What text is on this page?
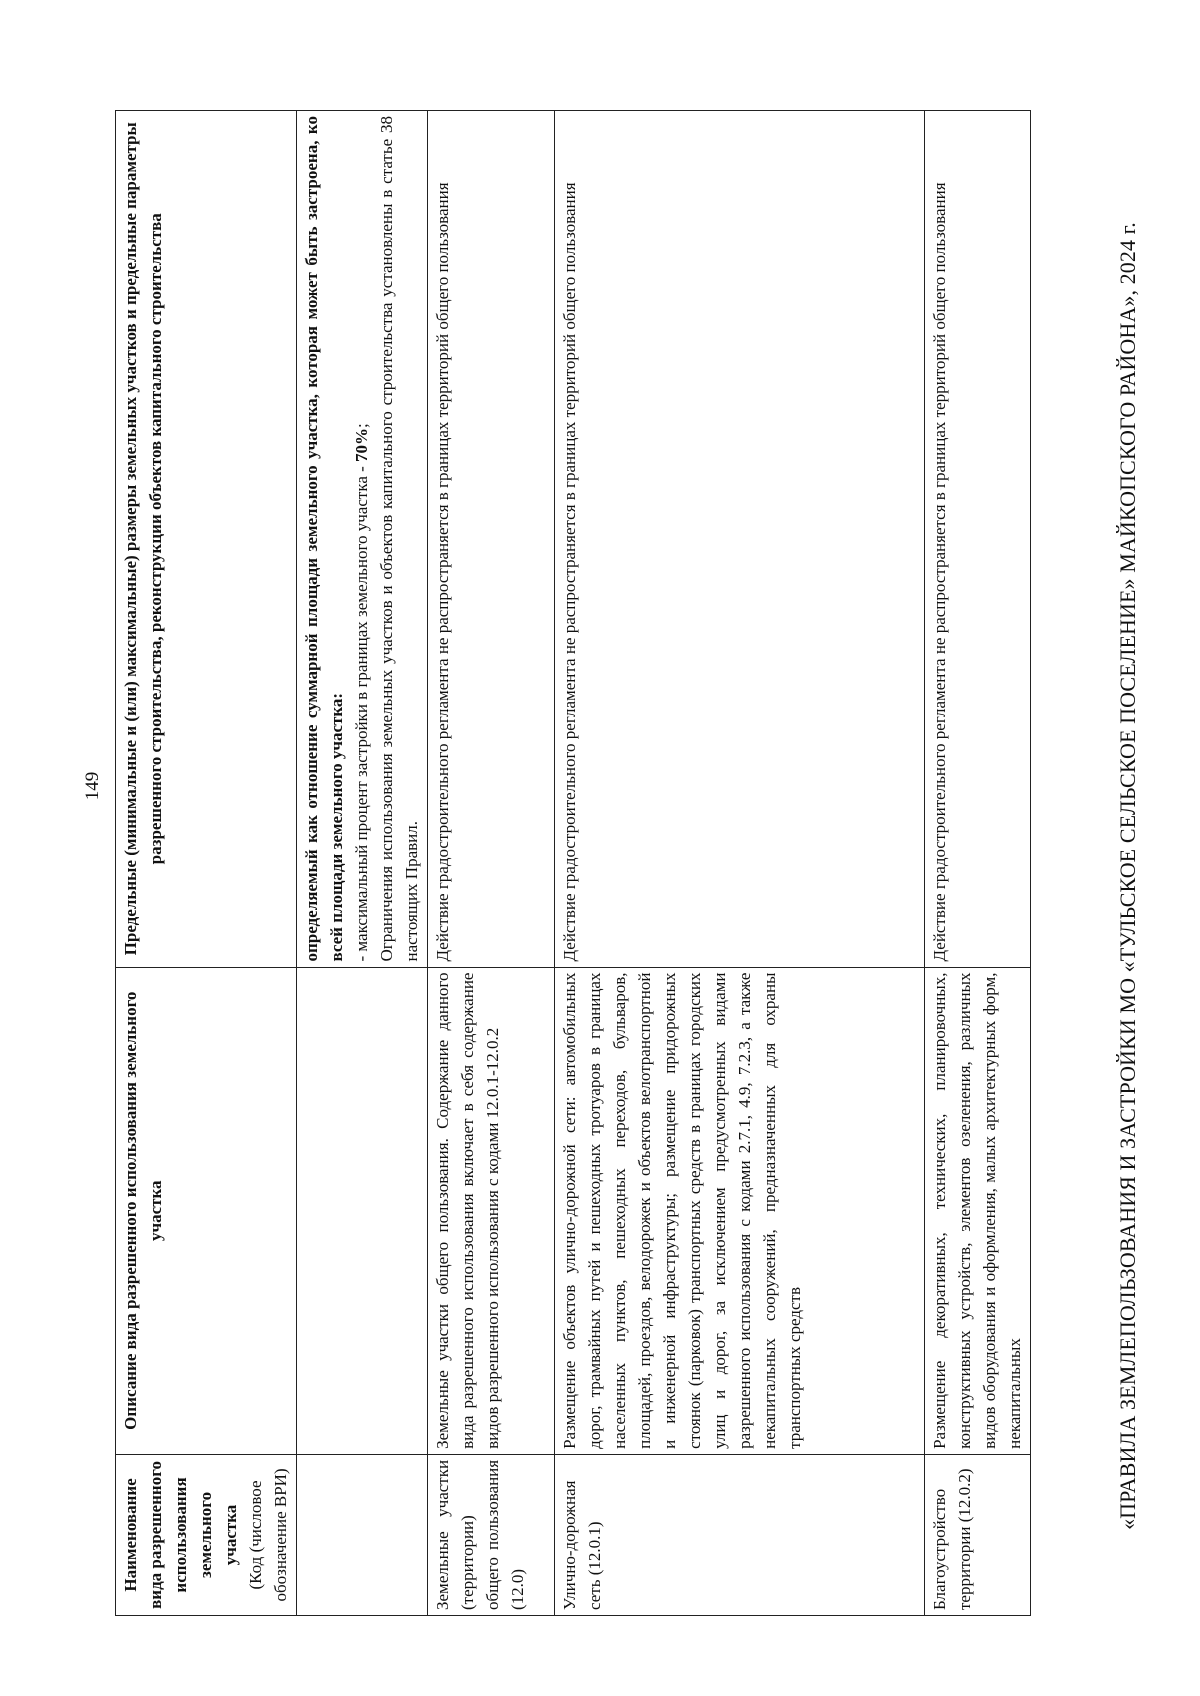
149
Наименование вида разрешенного использования земельного участка (Код (числовое обозначение ВРИ)	Описание вида разрешенного использования земельного участка	Предельные (минимальные и (или) максимальные) размеры земельных участков и предельные параметры разрешенного строительства, реконструкции объектов капитального строительства
		определяемый как отношение суммарной площади земельного участка, которая может быть застроена, ко всей площади земельного участка: - максимальный процент застройки в границах земельного участка - 70%; Ограничения использования земельных участков и объектов капитального строительства установлены в статье 38 настоящих Правил.
Земельные участки (территории) общего пользования (12.0)	Земельные участки общего пользования. Содержание данного вида разрешенного использования включает в себя содержание видов разрешенного использования с кодами 12.0.1-12.0.2	Действие градостроительного регламента не распространяется в границах территорий общего пользования
Улично-дорожная сеть (12.0.1)	Размещение объектов улично-дорожной сети: автомобильных дорог, трамвайных путей и пешеходных тротуаров в границах населенных пунктов, пешеходных переходов, бульваров, площадей, проездов, велодорожек и объектов велотранспортной и инженерной инфраструктуры; размещение придорожных стоянок (парковок) транспортных средств в границах городских улиц и дорог, за исключением предусмотренных видами разрешенного использования с кодами 2.7.1, 4.9, 7.2.3, а также некапитальных сооружений, предназначенных для охраны транспортных средств	Действие градостроительного регламента не распространяется в границах территорий общего пользования
Благоустройство территории (12.0.2)	Размещение декоративных, технических, планировочных, конструктивных устройств, элементов озеленения, различных видов оборудования и оформления, малых архитектурных форм, некапитальных	Действие градостроительного регламента не распространяется в границах территорий общего пользования	«ПРАВИЛА ЗЕМЛЕПОЛЬЗОВАНИЯ И ЗАСТРОЙКИ МО «ТУЛЬСКОЕ СЕЛЬСКОЕ ПОСЕЛЕНИЕ» МАЙКОПСКОГО РАЙОНА», 2024 г.
